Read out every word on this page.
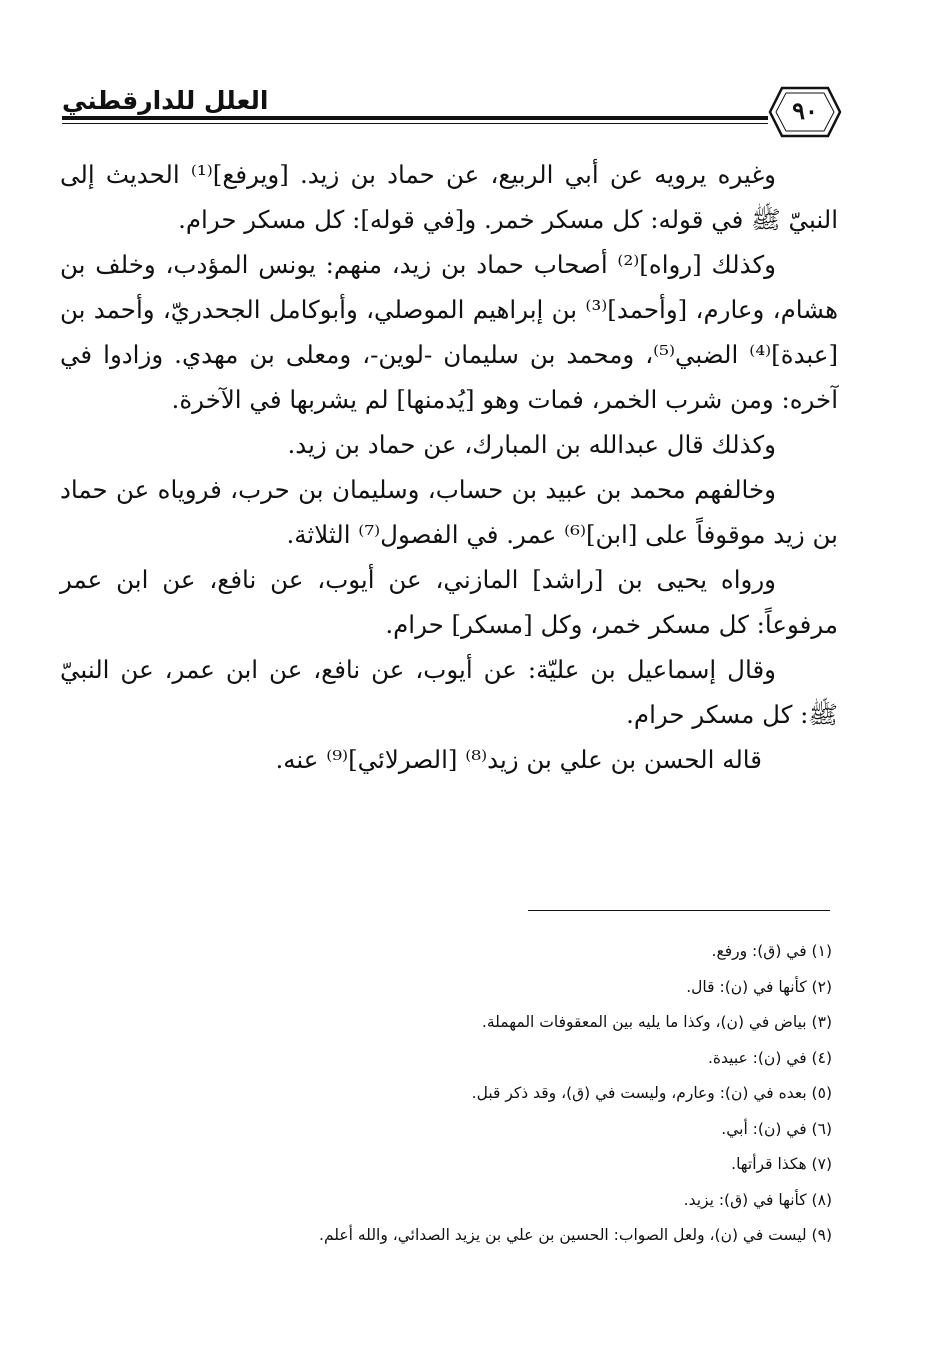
العلل للدارقطني	٩٠

وغيره يرويه عن أبي الربيع، عن حماد بن زيد. [ويرفع]⁽¹⁾ الحديث إلى النبيّ ﷺ في قوله: كل مسكر خمر. و[في قوله]: كل مسكر حرام.

وكذلك [رواه]⁽²⁾ أصحاب حماد بن زيد، منهم: يونس المؤدب، وخلف بن هشام، وعارم، [وأحمد]⁽³⁾ بن إبراهيم الموصلي، وأبوكامل الجحدريّ، وأحمد بن [عبدة]⁽⁴⁾ الضبي⁽⁵⁾، ومحمد بن سليمان -لوين-، ومعلى بن مهدي. وزادوا في آخره: ومن شرب الخمر، فمات وهو [يُدمنها] لم يشربها في الآخرة.

وكذلك قال عبدالله بن المبارك، عن حماد بن زيد.

وخالفهم محمد بن عبيد بن حساب، وسليمان بن حرب، فروياه عن حماد بن زيد موقوفاً على [ابن]⁽⁶⁾ عمر. في الفصول⁽⁷⁾ الثلاثة.

ورواه يحيى بن [راشد] المازني، عن أيوب، عن نافع، عن ابن عمر مرفوعاً: كل مسكر خمر، وكل [مسكر] حرام.

وقال إسماعيل بن عليّة: عن أيوب، عن نافع، عن ابن عمر، عن النبيّ ﷺ: كل مسكر حرام.

قاله الحسن بن علي بن زيد⁽⁸⁾ [الصرلائي]⁽⁹⁾ عنه.

(١) في (ق): ورفع.
(٢) كأنها في (ن): قال.
(٣) بياض في (ن)، وكذا ما يليه بين المعقوفات المهملة.
(٤) في (ن): عبيدة.
(٥) بعده في (ن): وعارم، وليست في (ق)، وقد ذكر قبل.
(٦) في (ن): أبي.
(٧) هكذا قرأتها.
(٨) كأنها في (ق): يزيد.
(٩) ليست في (ن)، ولعل الصواب: الحسين بن علي بن يزيد الصدائي، والله أعلم.
